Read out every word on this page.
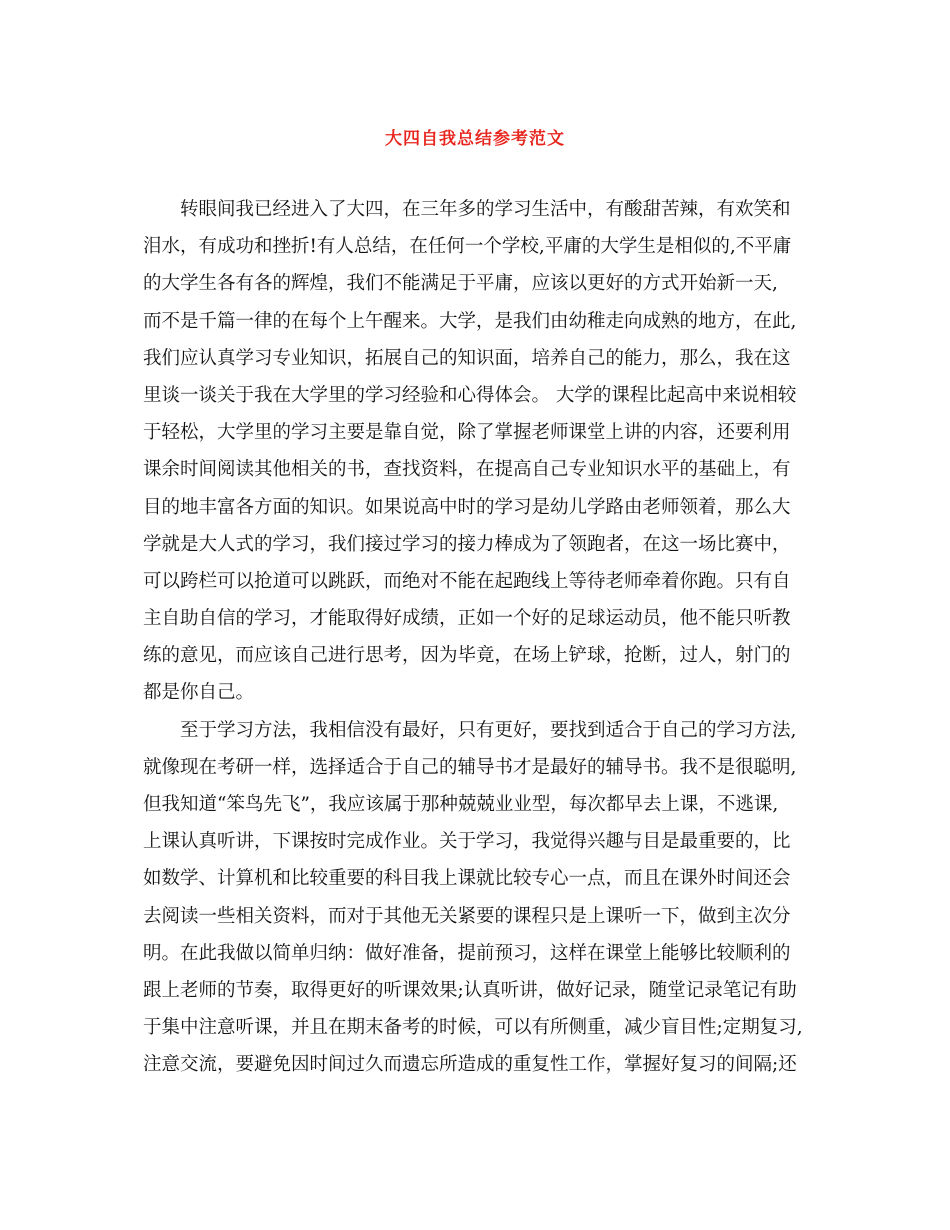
大四自我总结参考范文
转眼间我已经进入了大四，在三年多的学习生活中，有酸甜苦辣，有欢笑和
泪水，有成功和挫折!有人总结，在任何一个学校,平庸的大学生是相似的,不平庸
的大学生各有各的辉煌，我们不能满足于平庸，应该以更好的方式开始新一天,
而不是千篇一律的在每个上午醒来。大学，是我们由幼稚走向成熟的地方，在此,
我们应认真学习专业知识，拓展自己的知识面，培养自己的能力，那么，我在这
里谈一谈关于我在大学里的学习经验和心得体会。 大学的课程比起高中来说相较
于轻松，大学里的学习主要是靠自觉，除了掌握老师课堂上讲的内容，还要利用
课余时间阅读其他相关的书，查找资料，在提高自己专业知识水平的基础上，有
目的地丰富各方面的知识。如果说高中时的学习是幼儿学路由老师领着，那么大
学就是大人式的学习，我们接过学习的接力棒成为了领跑者，在这一场比赛中，
可以跨栏可以抢道可以跳跃，而绝对不能在起跑线上等待老师牵着你跑。只有自
主自助自信的学习，才能取得好成绩，正如一个好的足球运动员，他不能只听教
练的意见，而应该自己进行思考，因为毕竟，在场上铲球，抢断，过人，射门的
都是你自己。
至于学习方法，我相信没有最好，只有更好，要找到适合于自己的学习方法,
就像现在考研一样，选择适合于自己的辅导书才是最好的辅导书。我不是很聪明,
但我知道“笨鸟先飞”，我应该属于那种兢兢业业型，每次都早去上课，不逃课,
上课认真听讲，下课按时完成作业。关于学习，我觉得兴趣与目是最重要的，比
如数学、计算机和比较重要的科目我上课就比较专心一点，而且在课外时间还会
去阅读一些相关资料，而对于其他无关紧要的课程只是上课听一下，做到主次分
明。在此我做以简单归纳：做好准备，提前预习，这样在课堂上能够比较顺利的
跟上老师的节奏，取得更好的听课效果;认真听讲，做好记录，随堂记录笔记有助
于集中注意听课，并且在期末备考的时候，可以有所侧重，减少盲目性;定期复习,
注意交流，要避免因时间过久而遗忘所造成的重复性工作，掌握好复习的间隔;还
